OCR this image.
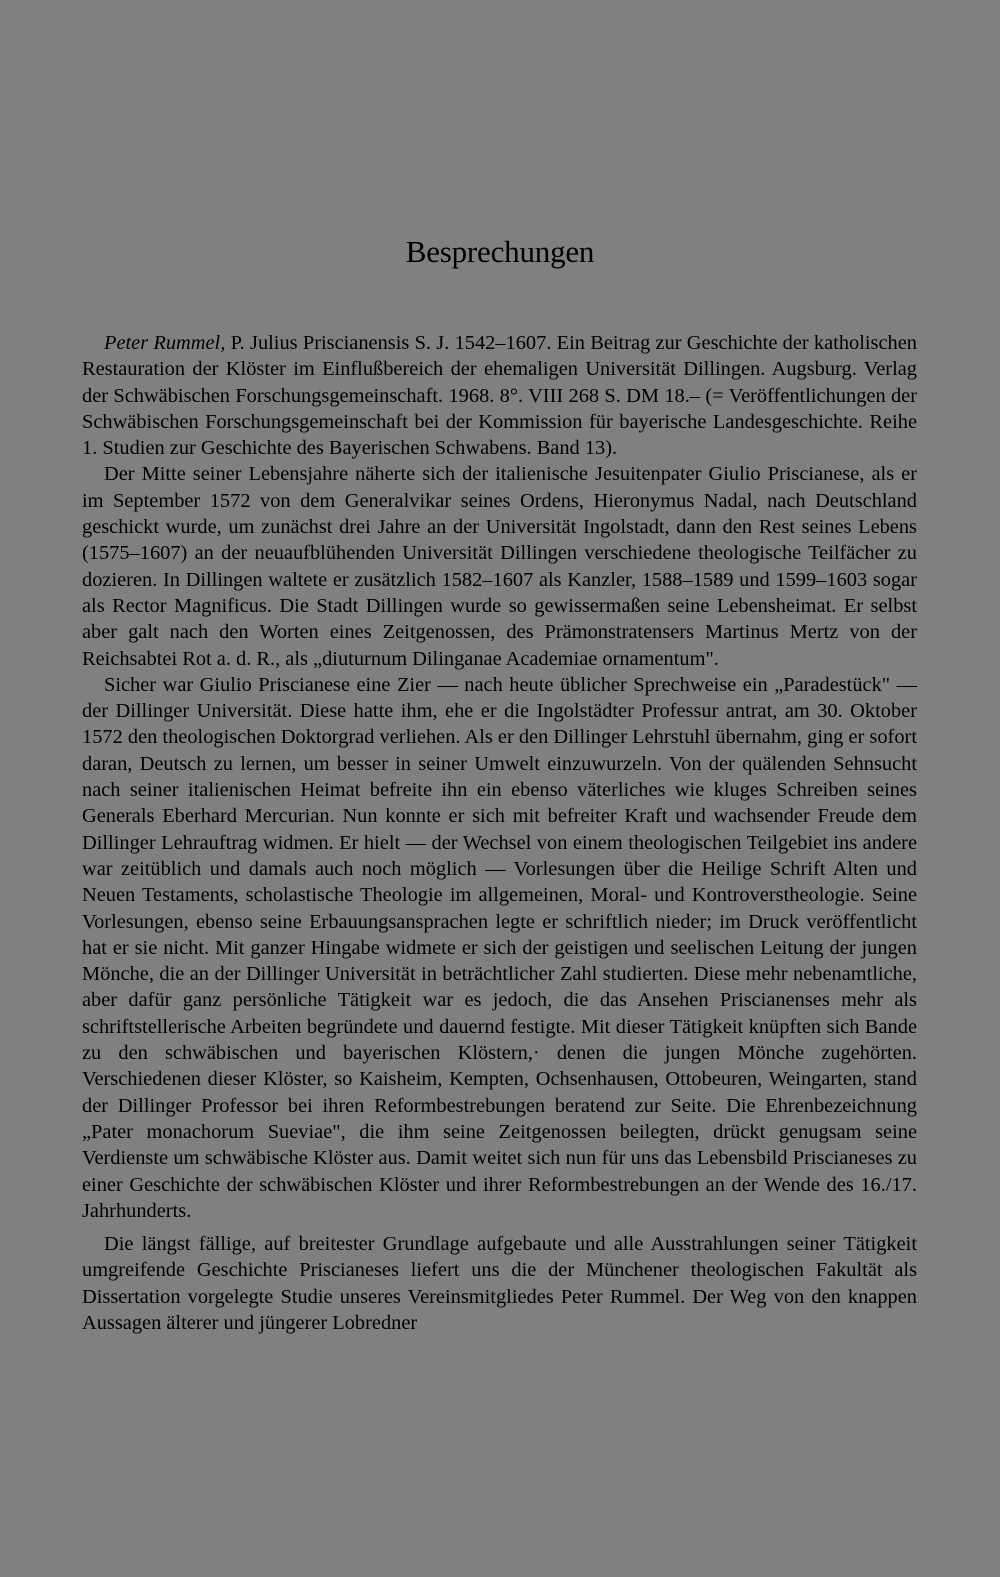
Besprechungen

Peter Rummel, P. Julius Priscianensis S. J. 1542–1607. Ein Beitrag zur Geschichte der katholischen Restauration der Klöster im Einflußbereich der ehemaligen Universität Dillingen. Augsburg. Verlag der Schwäbischen Forschungsgemeinschaft. 1968. 8°. VIII 268 S. DM 18.– (= Veröffentlichungen der Schwäbischen Forschungsgemeinschaft bei der Kommission für bayerische Landesgeschichte. Reihe 1. Studien zur Geschichte des Bayerischen Schwabens. Band 13).

Der Mitte seiner Lebensjahre näherte sich der italienische Jesuitenpater Giulio Priscianese, als er im September 1572 von dem Generalvikar seines Ordens, Hieronymus Nadal, nach Deutschland geschickt wurde, um zunächst drei Jahre an der Universität Ingolstadt, dann den Rest seines Lebens (1575–1607) an der neuaufblühenden Universität Dillingen verschiedene theologische Teilfächer zu dozieren. In Dillingen waltete er zusätzlich 1582–1607 als Kanzler, 1588–1589 und 1599–1603 sogar als Rector Magnificus. Die Stadt Dillingen wurde so gewissermaßen seine Lebensheimat. Er selbst aber galt nach den Worten eines Zeitgenossen, des Prämonstratensers Martinus Mertz von der Reichsabtei Rot a. d. R., als „diuturnum Dilinganae Academiae ornamentum".

Sicher war Giulio Priscianese eine Zier — nach heute üblicher Sprechweise ein „Paradestück" — der Dillinger Universität. Diese hatte ihm, ehe er die Ingolstädter Professur antrat, am 30. Oktober 1572 den theologischen Doktorgrad verliehen. Als er den Dillinger Lehrstuhl übernahm, ging er sofort daran, Deutsch zu lernen, um besser in seiner Umwelt einzuwurzeln. Von der quälenden Sehnsucht nach seiner italienischen Heimat befreite ihn ein ebenso väterliches wie kluges Schreiben seines Generals Eberhard Mercurian. Nun konnte er sich mit befreiter Kraft und wachsender Freude dem Dillinger Lehrauftrag widmen. Er hielt — der Wechsel von einem theologischen Teilgebiet ins andere war zeitüblich und damals auch noch möglich — Vorlesungen über die Heilige Schrift Alten und Neuen Testaments, scholastische Theologie im allgemeinen, Moral- und Kontroverstheologie. Seine Vorlesungen, ebenso seine Erbauungsansprachen legte er schriftlich nieder; im Druck veröffentlicht hat er sie nicht. Mit ganzer Hingabe widmete er sich der geistigen und seelischen Leitung der jungen Mönche, die an der Dillinger Universität in beträchtlicher Zahl studierten. Diese mehr nebenamtliche, aber dafür ganz persönliche Tätigkeit war es jedoch, die das Ansehen Priscianenses mehr als schriftstellerische Arbeiten begründete und dauernd festigte. Mit dieser Tätigkeit knüpften sich Bande zu den schwäbischen und bayerischen Klöstern,· denen die jungen Mönche zugehörten. Verschiedenen dieser Klöster, so Kaisheim, Kempten, Ochsenhausen, Ottobeuren, Weingarten, stand der Dillinger Professor bei ihren Reformbestrebungen beratend zur Seite. Die Ehrenbezeichnung „Pater monachorum Sueviae", die ihm seine Zeitgenossen beilegten, drückt genugsam seine Verdienste um schwäbische Klöster aus. Damit weitet sich nun für uns das Lebensbild Priscianeses zu einer Geschichte der schwäbischen Klöster und ihrer Reformbestrebungen an der Wende des 16./17. Jahrhunderts.

Die längst fällige, auf breitester Grundlage aufgebaute und alle Ausstrahlungen seiner Tätigkeit umgreifende Geschichte Priscianeses liefert uns die der Münchener theologischen Fakultät als Dissertation vorgelegte Studie unseres Vereinsmitgliedes Peter Rummel. Der Weg von den knappen Aussagen älterer und jüngerer Lobredner
